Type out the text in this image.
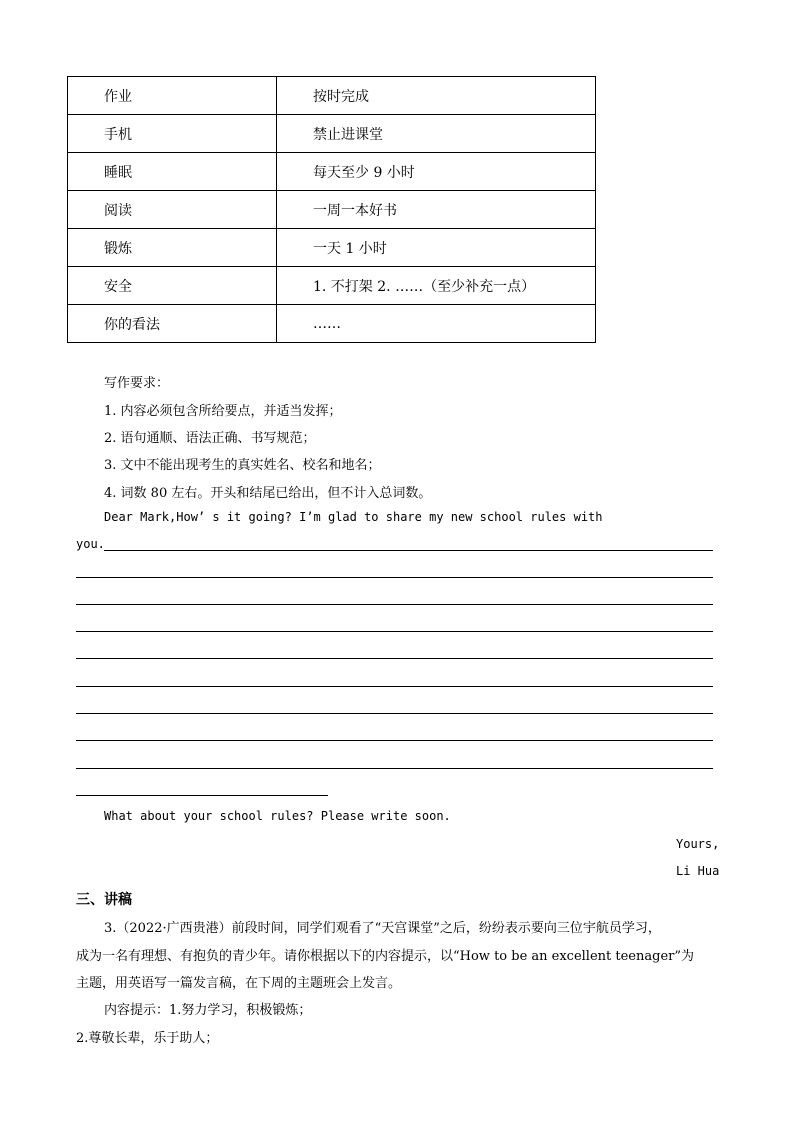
作业	按时完成
手机	禁止进课堂
睡眠	每天至少 9 小时
阅读	一周一本好书
锻炼	一天 1 小时
安全	1. 不打架 2. ……（至少补充一点）
你的看法	……
写作要求：
1. 内容必须包含所给要点，并适当发挥；
2. 语句通顺、语法正确、书写规范；
3. 文中不能出现考生的真实姓名、校名和地名；
4. 词数 80 左右。开头和结尾已给出，但不计入总词数。
Dear Mark,How’ s it going? I’m glad to share my new school rules with
you.
What about your school rules? Please write soon.
Yours,
Li Hua
三、讲稿
3.（2022·广西贵港）前段时间，同学们观看了“天宫课堂”之后，纷纷表示要向三位宇航员学习，
成为一名有理想、有抱负的青少年。请你根据以下的内容提示，以“How to be an excellent teenager”为
主题，用英语写一篇发言稿，在下周的主题班会上发言。
内容提示：1.努力学习，积极锻炼；
2.尊敬长辈，乐于助人；
